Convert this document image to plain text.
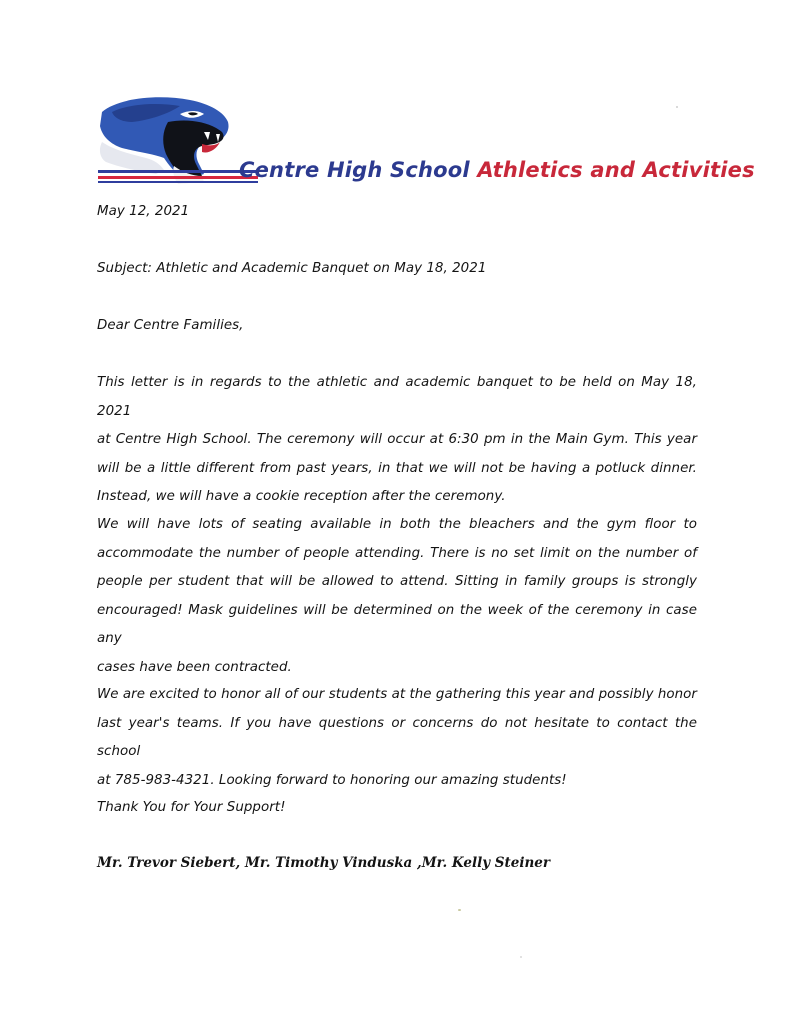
Centre High School Athletics and Activities
May 12, 2021
Subject: Athletic and Academic Banquet on May 18, 2021
Dear Centre Families,
This letter is in regards to the athletic and academic banquet to be held on May 18, 2021
at Centre High School. The ceremony will occur at 6:30 pm in the Main Gym. This year
will be a little different from past years, in that we will not be having a potluck dinner.
Instead, we will have a cookie reception after the ceremony.
We will have lots of seating available in both the bleachers and the gym floor to
accommodate the number of people attending. There is no set limit on the number of
people per student that will be allowed to attend. Sitting in family groups is strongly
encouraged! Mask guidelines will be determined on the week of the ceremony in case any
cases have been contracted.
We are excited to honor all of our students at the gathering this year and possibly honor
last year's teams. If you have questions or concerns do not hesitate to contact the school
at 785-983-4321. Looking forward to honoring our amazing students!
Thank You for Your Support!
Mr. Trevor Siebert, Mr. Timothy Vinduska ,Mr. Kelly Steiner
